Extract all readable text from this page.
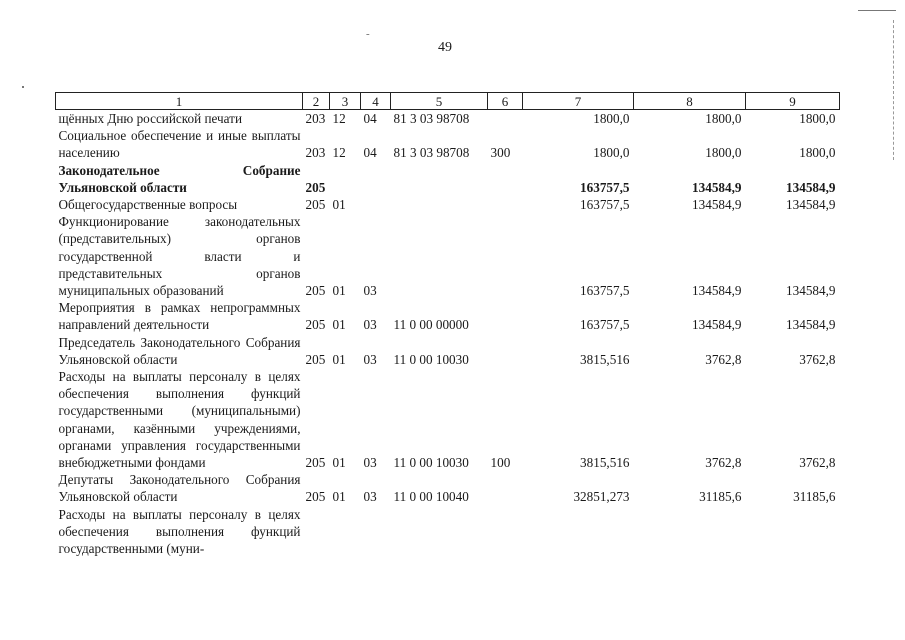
-
49
1	2	3	4	5	6	7	8	9
щённых Дню российской печати	203	12	04	81 3 03 98708		1800,0	1800,0	1800,0
Социальное обеспечение и иные выплаты населению	203	12	04	81 3 03 98708	300	1800,0	1800,0	1800,0
Законодательное Собрание Ульяновской области	205					163757,5	134584,9	134584,9
Общегосударственные вопросы	205	01				163757,5	134584,9	134584,9
Функционирование законодательных (представительных) органов государственной власти и представительных органов муниципальных образований	205	01	03			163757,5	134584,9	134584,9
Мероприятия в рамках непрограммных направлений деятельности	205	01	03	11 0 00 00000		163757,5	134584,9	134584,9
Председатель Законодательного Собрания Ульяновской области	205	01	03	11 0 00 10030		3815,516	3762,8	3762,8
Расходы на выплаты персоналу в целях обеспечения выполнения функций государственными (муниципальными) органами, казёнными учреждениями, органами управления государственными внебюджетными фондами	205	01	03	11 0 00 10030	100	3815,516	3762,8	3762,8
Депутаты Законодательного Собрания Ульяновской области	205	01	03	11 0 00 10040		32851,273	31185,6	31185,6
Расходы на выплаты персоналу в целях обеспечения выполнения функций государственными (муни-								
